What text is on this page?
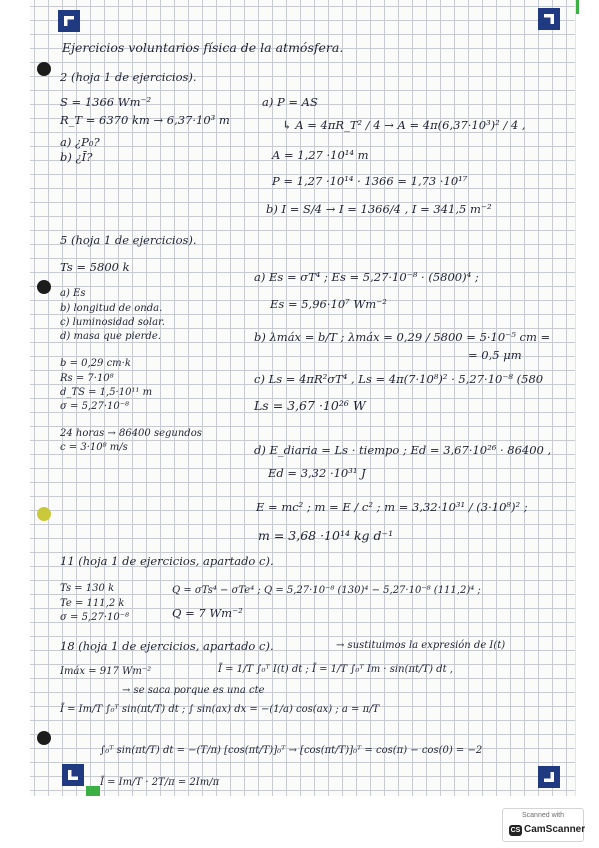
Ejercicios voluntarios física de la atmósfera.
2 (hoja 1 de ejercicios).
S = 1366 Wm⁻²
R_T = 6370 km → 6,37·10³ m
a) ¿P₀?
b) ¿Ī?
a) P = AS
↳ A = 4πR_T² / 4 → A = 4π(6,37·10³)² / 4 ,
A = 1,27 ·10¹⁴ m
P = 1,27 ·10¹⁴ · 1366 = 1,73 ·10¹⁷
b) I = S/4 → I = 1366/4 , I = 341,5 m⁻²
5 (hoja 1 de ejercicios).
Ts = 5800 k
a) Es
b) longitud de onda.
c) luminosidad solar.
d) masa que pierde.
b = 0,29 cm·k
Rs = 7·10⁸
d_TS = 1,5·10¹¹ m
σ = 5,27·10⁻⁸
24 horas → 86400 segundos
c = 3·10⁸ m/s
a) Es = σT⁴ ; Es = 5,27·10⁻⁸ · (5800)⁴ ;
Es = 5,96·10⁷ Wm⁻²
b) λmáx = b/T ; λmáx = 0,29 / 5800 = 5·10⁻⁵ cm =
= 0,5 μm
c) Ls = 4πR²σT⁴ , Ls = 4π(7·10⁸)² · 5,27·10⁻⁸ (580
Ls = 3,67 ·10²⁶ W
d) E_diaria = Ls · tiempo ; Ed = 3,67·10²⁶ · 86400 ,
Ed = 3,32 ·10³¹ J
E = mc² ; m = E / c² ; m = 3,32·10³¹ / (3·10⁸)² ;
m = 3,68 ·10¹⁴ kg d⁻¹
11 (hoja 1 de ejercicios, apartado c).
Ts = 130 k
Te = 111,2 k
σ = 5,27·10⁻⁸
Q = σTs⁴ − σTe⁴ ; Q = 5,27·10⁻⁸ (130)⁴ − 5,27·10⁻⁸ (111,2)⁴ ;
Q = 7 Wm⁻²
18 (hoja 1 de ejercicios, apartado c).	→ sustituimos la expresión de I(t)
Imáx = 917 Wm⁻²	Ī = 1/T ∫₀ᵀ I(t) dt ; Ī = 1/T ∫₀ᵀ Im · sin(πt/T) dt ,
→ se saca porque es una cte
Ī = Im/T ∫₀ᵀ sin(πt/T) dt ; ∫ sin(ax) dx = −(1/a) cos(ax) ; a = π/T
∫₀ᵀ sin(πt/T) dt = −(T/π) [cos(πt/T)]₀ᵀ → [cos(πt/T)]₀ᵀ = cos(π) − cos(0) = −2
Ī = Im/T · 2T/π = 2Im/π
Scanned with
CS CamScanner
